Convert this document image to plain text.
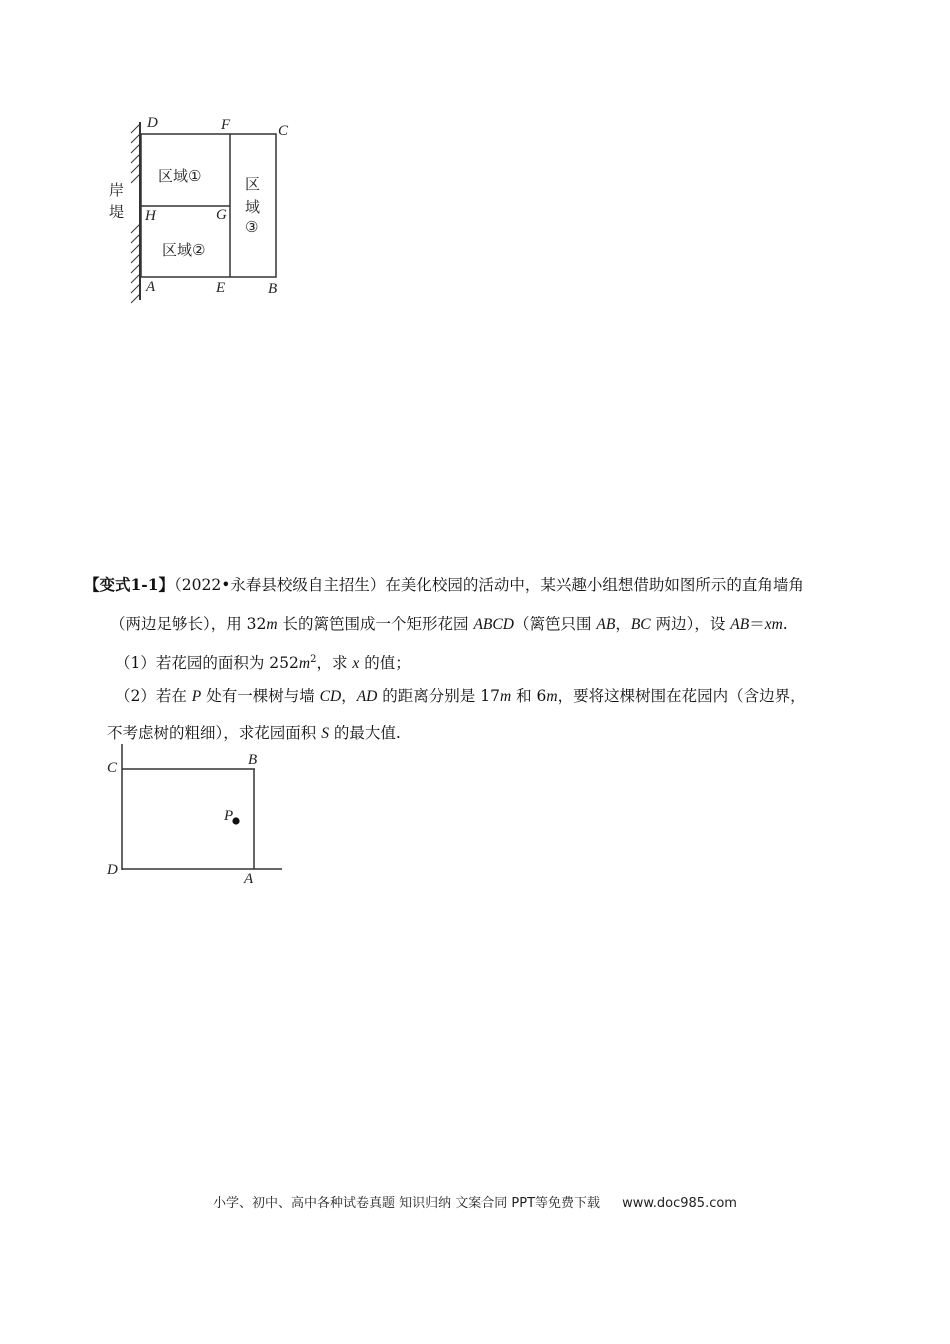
岸
堤
D	F	C
H	G
A	E	B
区域①
区域②
区
域
③
【变式1-1】（2022•永春县校级自主招生）在美化校园的活动中，某兴趣小组想借助如图所示的直角墙角
（两边足够长），用 32m 长的篱笆围成一个矩形花园 ABCD（篱笆只围 AB，BC 两边），设 AB＝xm.
（1）若花园的面积为 $252m^2$，求 x 的值；
（2）若在 P 处有一棵树与墙 CD，AD 的距离分别是 17m 和 6m，要将这棵树围在花园内（含边界，
不考虑树的粗细），求花园面积 S 的最大值.
C	B
P
D
A
小学、初中、高中各种试卷真题 知识归纳 文案合同 PPT等免费下载 www.doc985.com
